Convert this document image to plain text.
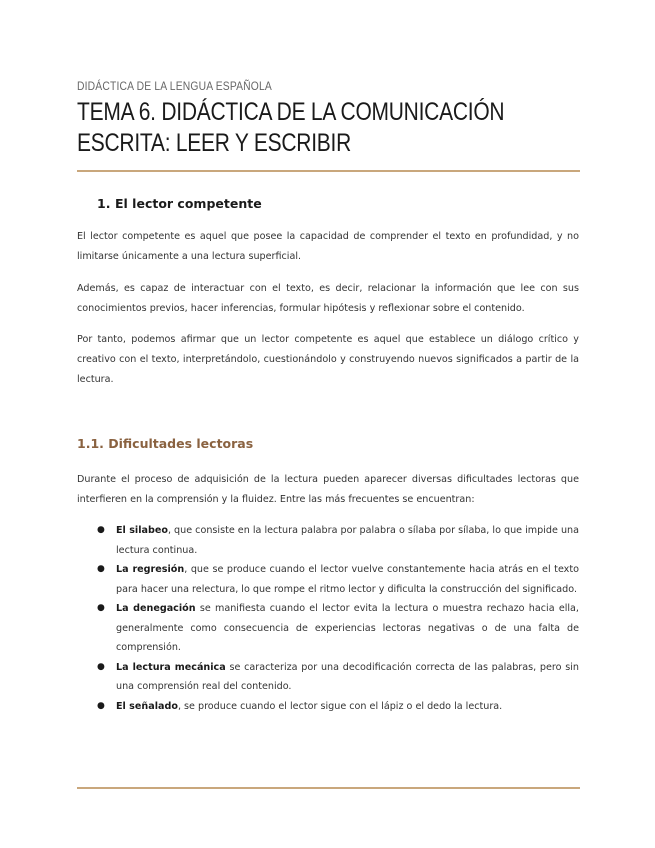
DIDÁCTICA DE LA LENGUA ESPAÑOLA
TEMA 6. DIDÁCTICA DE LA COMUNICACIÓN ESCRITA: LEER Y ESCRIBIR
1. El lector competente

El lector competente es aquel que posee la capacidad de comprender el texto en profundidad, y no limitarse únicamente a una lectura superficial.

Además, es capaz de interactuar con el texto, es decir, relacionar la información que lee con sus conocimientos previos, hacer inferencias, formular hipótesis y reflexionar sobre el contenido.

Por tanto, podemos afirmar que un lector competente es aquel que establece un diálogo crítico y creativo con el texto, interpretándolo, cuestionándolo y construyendo nuevos significados a partir de la lectura.

1.1. Dificultades lectoras

Durante el proceso de adquisición de la lectura pueden aparecer diversas dificultades lectoras que interfieren en la comprensión y la fluidez. Entre las más frecuentes se encuentran:

● El silabeo, que consiste en la lectura palabra por palabra o sílaba por sílaba, lo que impide una lectura continua.
● La regresión, que se produce cuando el lector vuelve constantemente hacia atrás en el texto para hacer una relectura, lo que rompe el ritmo lector y dificulta la construcción del significado.
● La denegación se manifiesta cuando el lector evita la lectura o muestra rechazo hacia ella, generalmente como consecuencia de experiencias lectoras negativas o de una falta de comprensión.
● La lectura mecánica se caracteriza por una decodificación correcta de las palabras, pero sin una comprensión real del contenido.
● El señalado, se produce cuando el lector sigue con el lápiz o el dedo la lectura.
